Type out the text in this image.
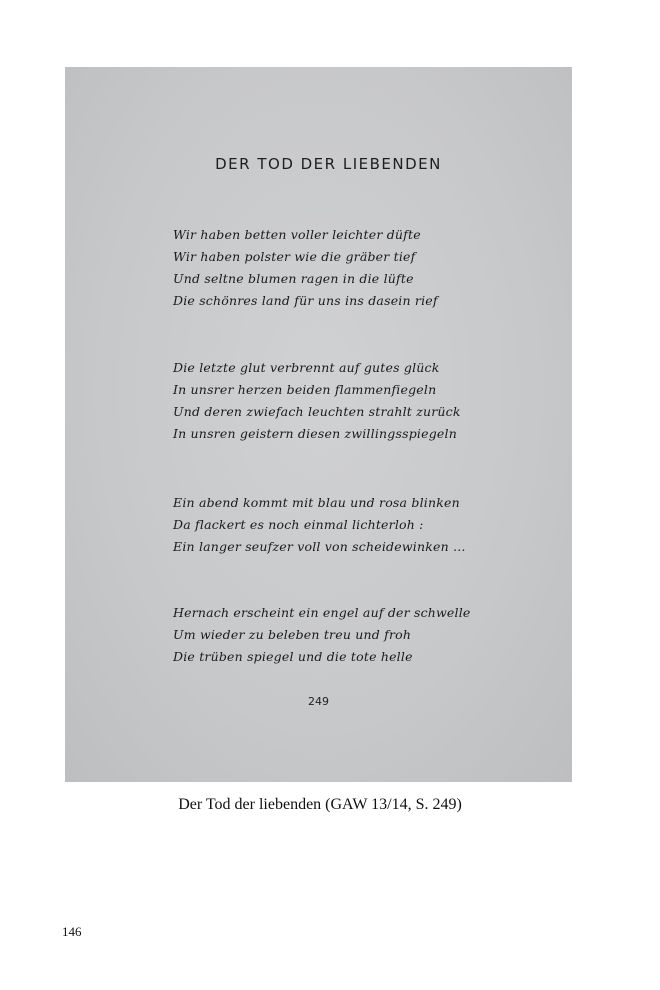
DER TOD DER LIEBENDEN
Wir haben betten voller leichter düfte
Wir haben polster wie die gräber tief
Und seltne blumen ragen in die lüfte
Die schönres land für uns ins dasein rief
Die letzte glut verbrennt auf gutes glück
In unsrer herzen beiden flammenfiegeln
Und deren zwiefach leuchten strahlt zurück
In unsren geistern diesen zwillingsspiegeln
Ein abend kommt mit blau und rosa blinken
Da flackert es noch einmal lichterloh :
Ein langer seufzer voll von scheidewinken …
Hernach erscheint ein engel auf der schwelle
Um wieder zu beleben treu und froh
Die trüben spiegel und die tote helle
249
Der Tod der liebenden (GAW 13/14, S. 249)
146
